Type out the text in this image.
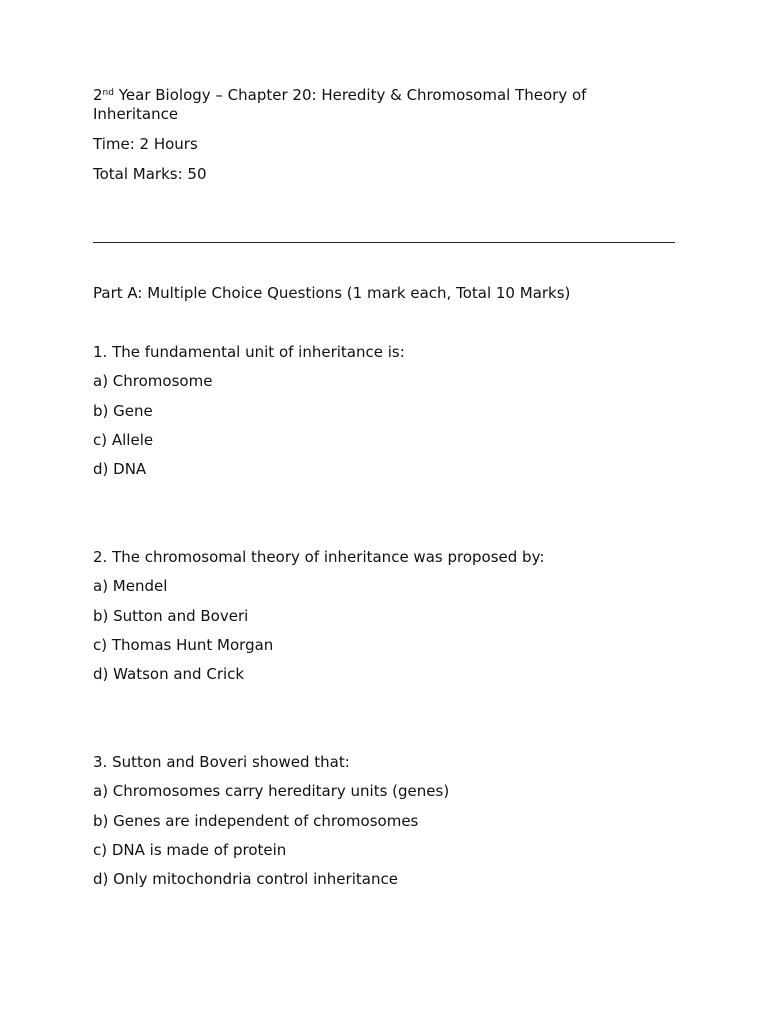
2nd Year Biology – Chapter 20: Heredity & Chromosomal Theory of Inheritance
Time: 2 Hours
Total Marks: 50
Part A: Multiple Choice Questions (1 mark each, Total 10 Marks)
1. The fundamental unit of inheritance is:
a) Chromosome
b) Gene
c) Allele
d) DNA
2. The chromosomal theory of inheritance was proposed by:
a) Mendel
b) Sutton and Boveri
c) Thomas Hunt Morgan
d) Watson and Crick
3. Sutton and Boveri showed that:
a) Chromosomes carry hereditary units (genes)
b) Genes are independent of chromosomes
c) DNA is made of protein
d) Only mitochondria control inheritance
